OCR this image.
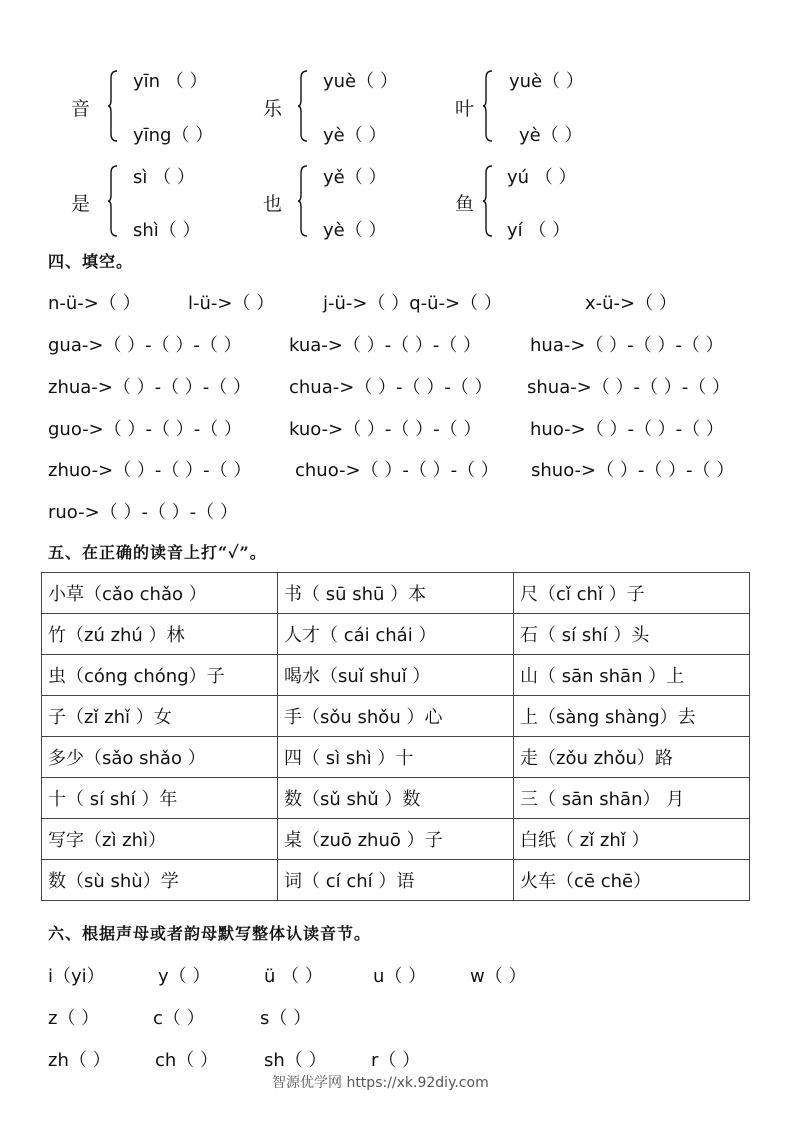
音
yīn （ ）
yīng（ ）
乐
yuè（ ）
yè（ ）
叶
yuè（ ）
yè（ ）
是
sì （ ）
shì（ ）
也
yě（ ）
yè（ ）
鱼
yú （ ）
yí （ ）
四、填空。
n-ü->（ ）	l-ü->（ ）	j-ü->（ ）q-ü->（ ）	x-ü->（ ）
gua->（ ）-（ ）-（ ）	kua->（ ）-（ ）-（ ）	hua->（ ）-（ ）-（ ）
zhua->（ ）-（ ）-（ ） chua->（ ）-（ ）-（ ） shua->（ ）-（ ）-（ ）
guo->（ ）-（ ）-（ ）	kuo->（ ）-（ ）-（ ）	huo->（ ）-（ ）-（ ）
zhuo->（ ）-（ ）-（ ） chuo->（ ）-（ ）-（ ） shuo->（ ）-（ ）-（ ）
ruo->（ ）-（ ）-（ ）
五、在正确的读音上打“✓”。
小草（cǎo chǎo ）	书（ sū shū ）本	尺（cǐ chǐ ）子
竹（zú zhú ）林	人才（ cái chái ）	石（ sí shí ）头
虫（cóng chóng）子	喝水（suǐ shuǐ ）	山（ sān shān ）上
子（zǐ zhǐ ）女	手（sǒu shǒu ）心	上（sàng shàng）去
多少（sǎo shǎo ）	四（ sì shì ）十	走（zǒu zhǒu）路
十（ sí shí ）年	数（sǔ shǔ ）数	三（ sān shān） 月
写字（zì zhì）	桌（zuō zhuō ）子	白纸（ zǐ zhǐ ）
数（sù shù）学	词（ cí chí ）语	火车（cē chē）
六、根据声母或者韵母默写整体认读音节。
i（yi）	y（ ）	ü （ ）	u（ ） w（ ）
z（ ）	c（ ）	s（ ）
zh（ ） ch（ ）	sh（ ） r（ ）
智源优学网 https://xk.92diy.com
